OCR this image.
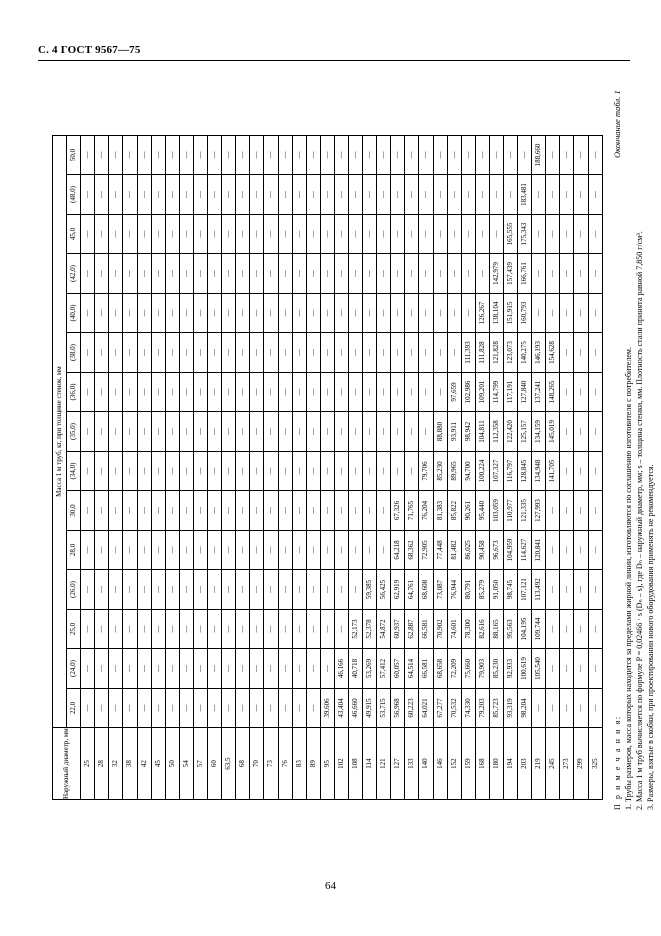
С. 4 ГОСТ 9567—75
Окончание табл. 1
Наружный диаметр, мм	Масса 1 м труб, кг, при толщине стенок, мм														
	22,0	(24,0)	25,0	(26,0)	28,0	30,0	(34,0)	(35,0)	(36,0)	(38,0)	(40,0)	(42,0)	45,0	(48,0)	50,0
25	—	—	—	—	—	—	—	—	—	—	—	—	—	—	—
28	—	—	—	—	—	—	—	—	—	—	—	—	—	—	—
32	—	—	—	—	—	—	—	—	—	—	—	—	—	—	—
38	—	—	—	—	—	—	—	—	—	—	—	—	—	—	—
42	—	—	—	—	—	—	—	—	—	—	—	—	—	—	—
45	—	—	—	—	—	—	—	—	—	—	—	—	—	—	—
50	—	—	—	—	—	—	—	—	—	—	—	—	—	—	—
54	—	—	—	—	—	—	—	—	—	—	—	—	—	—	—
57	—	—	—	—	—	—	—	—	—	—	—	—	—	—	—
60	—	—	—	—	—	—	—	—	—	—	—	—	—	—	—
63,5	—	—	—	—	—	—	—	—	—	—	—	—	—	—	—
68	—	—	—	—	—	—	—	—	—	—	—	—	—	—	—
70	—	—	—	—	—	—	—	—	—	—	—	—	—	—	—
73	—	—	—	—	—	—	—	—	—	—	—	—	—	—	—
76	—	—	—	—	—	—	—	—	—	—	—	—	—	—	—
83	—	—	—	—	—	—	—	—	—	—	—	—	—	—	—
89	—	—	—	—	—	—	—	—	—	—	—	—	—	—	—
95	39,606	—	—	—	—	—	—	—	—	—	—	—	—	—	—
102	43,404	46,166	—	—	—	—	—	—	—	—	—	—	—	—	—
108	46,660	40,718	52,173	—	—	—	—	—	—	—	—	—	—	—	—
114	49,915	53,269	52,378	59,385	—	—	—	—	—	—	—	—	—	—	—
121	53,715	57,412	54,872	56,425	—	—	—	—	—	—	—	—	—	—	—
127	56,968	60,057	60,937	62,919	64,218	67,326	—	—	—	—	—	—	—	—	—
133	60,223	64,514	62,887	64,761	68,362	71,765	—	—	—	—	—	—	—	—	—
140	64,021	66,581	66,581	68,608	72,905	76,204	79,706	—	—	—	—	—	—	—	—
146	67,277	68,658	70,902	73,087	77,448	81,383	85,230	88,880	—	—	—	—	—	—	—
152	70,532	72,209	74,601	76,944	81,482	85,822	89,965	93,911	97,659	—	—	—	—	—	—
159	74,330	75,660	78,300	80,791	86,025	90,261	94,700	98,942	102,986	111,393	—	—	—	—	—
168	79,203	79,903	82,616	85,279	90,458	95,440	100,224	104,811	109,201	111,828	126,267	—	—	—	—
180	85,723	85,230	88,165	91,050	96,673	103,059	107,327	112,358	114,799	121,828	138,104	142,979	—	—	—
194	93,319	92,933	95,563	98,745	104,959	110,977	116,797	122,420	117,191	123,073	151,915	157,439	165,555	—	—
203	98,204	100,619	104,195	107,121	114,627	121,335	128,845	125,157	127,840	140,275	160,793	166,761	175,343	183,481	—
219	—	105,540	109,744	113,492	120,841	127,993	134,948	134,159	137,241	146,193	—	—	—	—	188,660
245	—	—	—	—	—	—	141,705	145,019	148,265	154,628	—	—	—	—	—
273	—	—	—	—	—	—	—	—	—	—	—	—	—	—	—
299	—	—	—	—	—	—	—	—	—	—	—	—	—	—	—
325	—	—	—	—	—	—	—	—	—	—	—	—	—	—	—
П р и м е ч а н и я: 1. Трубы размеров, масса которых находится за пределами жирной линии, изготовляются по соглашению изготовителя с потребителем. 2. Масса 1 м труб вычисляется по формуле P = 0,02466 · s (Dₙ – s), где Dₙ – наружный диаметр, мм; s – толщина стенки, мм. Плотность стали принята равной 7,850 г/см³. 3. Размеры, взятые в скобки, при проектировании нового оборудования применять не рекомендуется.
64
